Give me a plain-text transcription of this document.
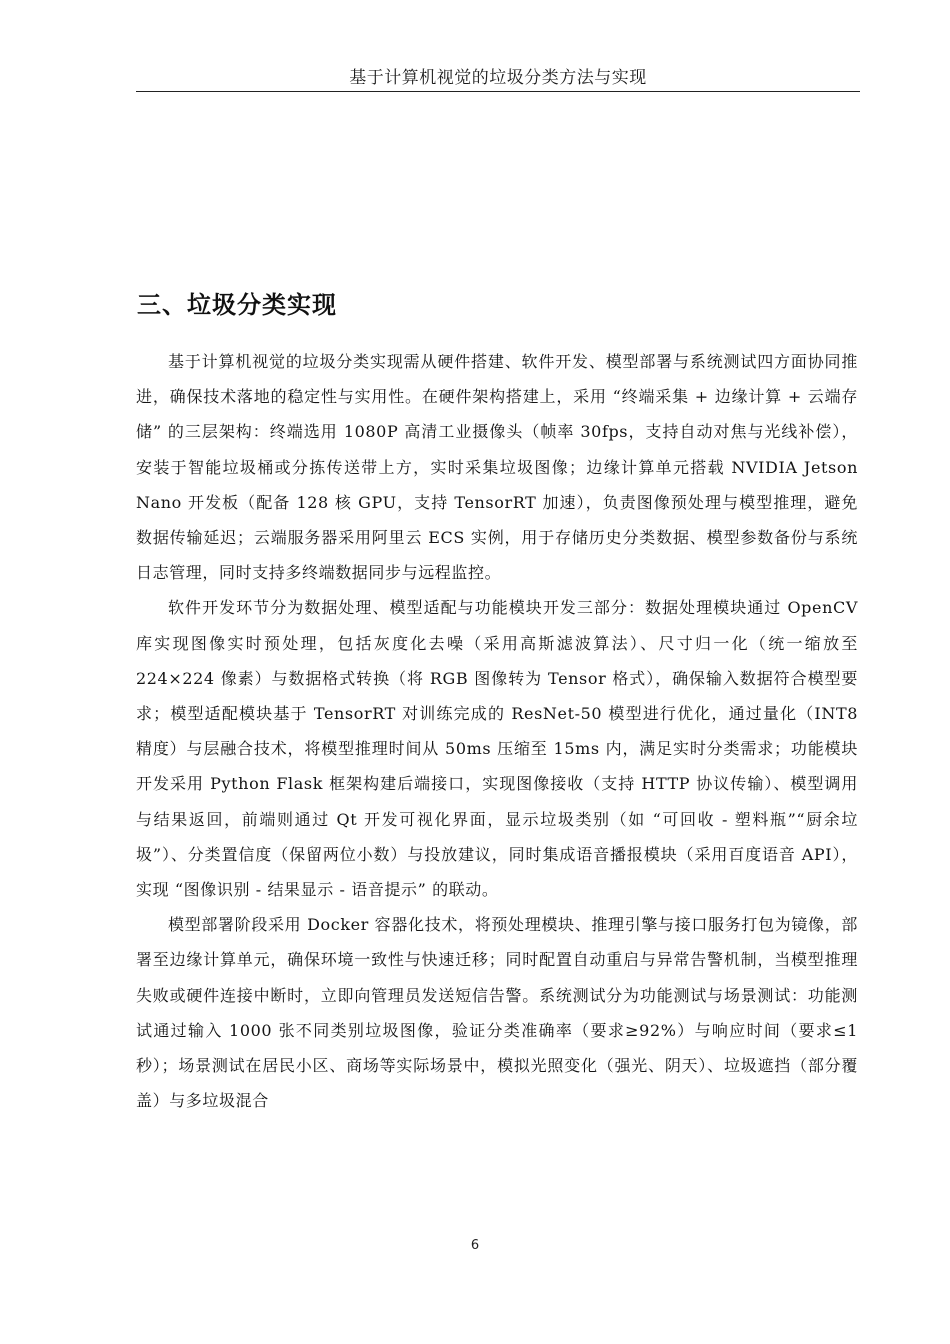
基于计算机视觉的垃圾分类方法与实现
三、垃圾分类实现

基于计算机视觉的垃圾分类实现需从硬件搭建、软件开发、模型部署与系统测试四方面协同推进，确保技术落地的稳定性与实用性。在硬件架构搭建上，采用 “终端采集 + 边缘计算 + 云端存储” 的三层架构：终端选用 1080P 高清工业摄像头（帧率 30fps，支持自动对焦与光线补偿），安装于智能垃圾桶或分拣传送带上方，实时采集垃圾图像；边缘计算单元搭载 NVIDIA Jetson Nano 开发板（配备 128 核 GPU，支持 TensorRT 加速），负责图像预处理与模型推理，避免数据传输延迟；云端服务器采用阿里云 ECS 实例，用于存储历史分类数据、模型参数备份与系统日志管理，同时支持多终端数据同步与远程监控。

软件开发环节分为数据处理、模型适配与功能模块开发三部分：数据处理模块通过 OpenCV 库实现图像实时预处理，包括灰度化去噪（采用高斯滤波算法）、尺寸归一化（统一缩放至 224×224 像素）与数据格式转换（将 RGB 图像转为 Tensor 格式），确保输入数据符合模型要求；模型适配模块基于 TensorRT 对训练完成的 ResNet-50 模型进行优化，通过量化（INT8 精度）与层融合技术，将模型推理时间从 50ms 压缩至 15ms 内，满足实时分类需求；功能模块开发采用 Python Flask 框架构建后端接口，实现图像接收（支持 HTTP 协议传输）、模型调用与结果返回，前端则通过 Qt 开发可视化界面，显示垃圾类别（如 “可回收 - 塑料瓶”“厨余垃圾”）、分类置信度（保留两位小数）与投放建议，同时集成语音播报模块（采用百度语音 API），实现 “图像识别 - 结果显示 - 语音提示” 的联动。

模型部署阶段采用 Docker 容器化技术，将预处理模块、推理引擎与接口服务打包为镜像，部署至边缘计算单元，确保环境一致性与快速迁移；同时配置自动重启与异常告警机制，当模型推理失败或硬件连接中断时，立即向管理员发送短信告警。系统测试分为功能测试与场景测试：功能测试通过输入 1000 张不同类别垃圾图像，验证分类准确率（要求≥92%）与响应时间（要求≤1 秒）；场景测试在居民小区、商场等实际场景中，模拟光照变化（强光、阴天）、垃圾遮挡（部分覆盖）与多垃圾混合

6
